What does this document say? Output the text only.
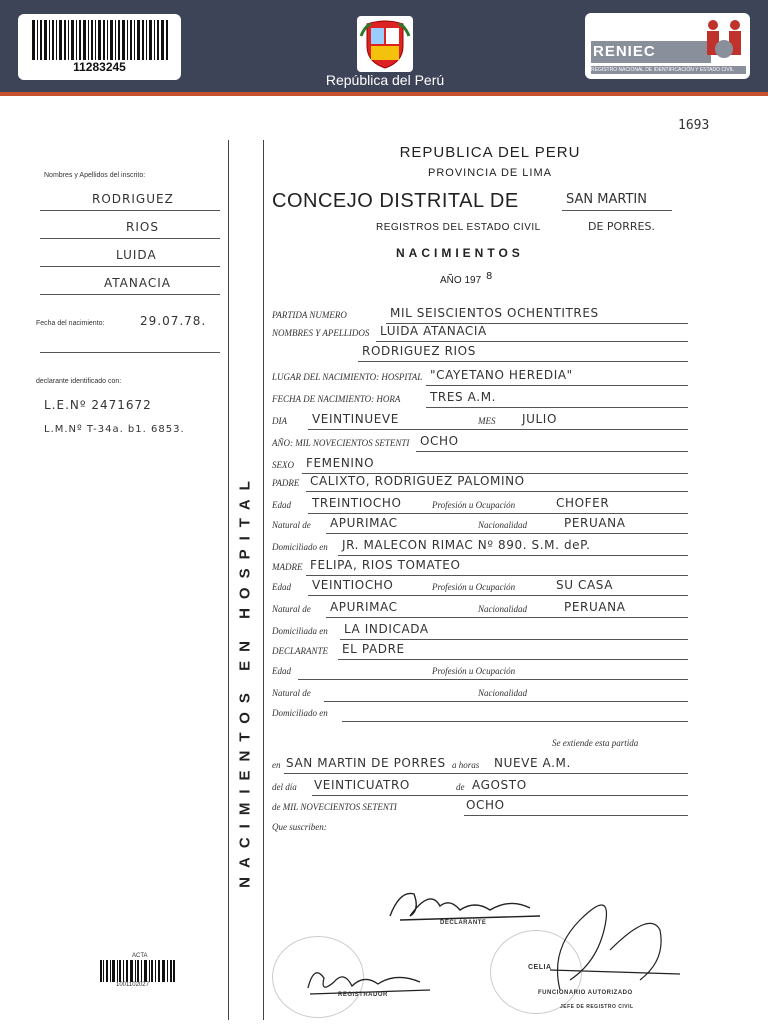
11283245
República del Perú
RENIEC
REGISTRO NACIONAL DE IDENTIFICACIÓN Y ESTADO CIVIL
1693
REPUBLICA DEL PERU
PROVINCIA DE LIMA
CONCEJO DISTRITAL DE	SAN MARTIN
REGISTROS DEL ESTADO CIVIL	DE PORRES.
NACIMIENTOS
AÑO 197 8
NACIMIENTOS EN HOSPITAL
Nombres y Apellidos del inscrito:
RODRIGUEZ
RIOS
LUIDA
ATANACIA
Fecha del nacimiento:	29.07.78.
declarante identificado con:
L.E.Nº 2471672
L.M.Nº T-34a. b1. 6853.
PARTIDA NUMERO	MIL SEISCIENTOS OCHENTITRES
NOMBRES Y APELLIDOS LUIDA ATANACIA
RODRIGUEZ RIOS
LUGAR DEL NACIMIENTO: HOSPITAL "CAYETANO HEREDIA"
FECHA DE NACIMIENTO: HORA TRES A.M.
DIA VEINTINUEVE	MES JULIO
AÑO: MIL NOVECIENTOS SETENTI OCHO
SEXO FEMENINO
PADRE CALIXTO, RODRIGUEZ PALOMINO
Edad TREINTIOCHO	Profesión u Ocupación	CHOFER
Natural de APURIMAC	Nacionalidad	PERUANA
Domiciliado en JR. MALECON RIMAC Nº 890. S.M. deP.
MADRE FELIPA, RIOS TOMATEO
Edad VEINTIOCHO	Profesión u Ocupación	SU CASA
Natural de APURIMAC	Nacionalidad	PERUANA
Domiciliada en LA INDICADA
DECLARANTE EL PADRE
Edad	Profesión u Ocupación
Natural de	Nacionalidad
Domiciliado en
Se extiende esta partida
en SAN MARTIN DE PORRES a horas NUEVE A.M.
del día VEINTICUATRO	de AGOSTO
de MIL NOVECIENTOS SETENTI	OCHO
Que suscriben:
DECLARANTE
REGISTRADOR
CELIA
FUNCIONARIO AUTORIZADO
JEFE DE REGISTRO CIVIL
ACTA
1001102027
